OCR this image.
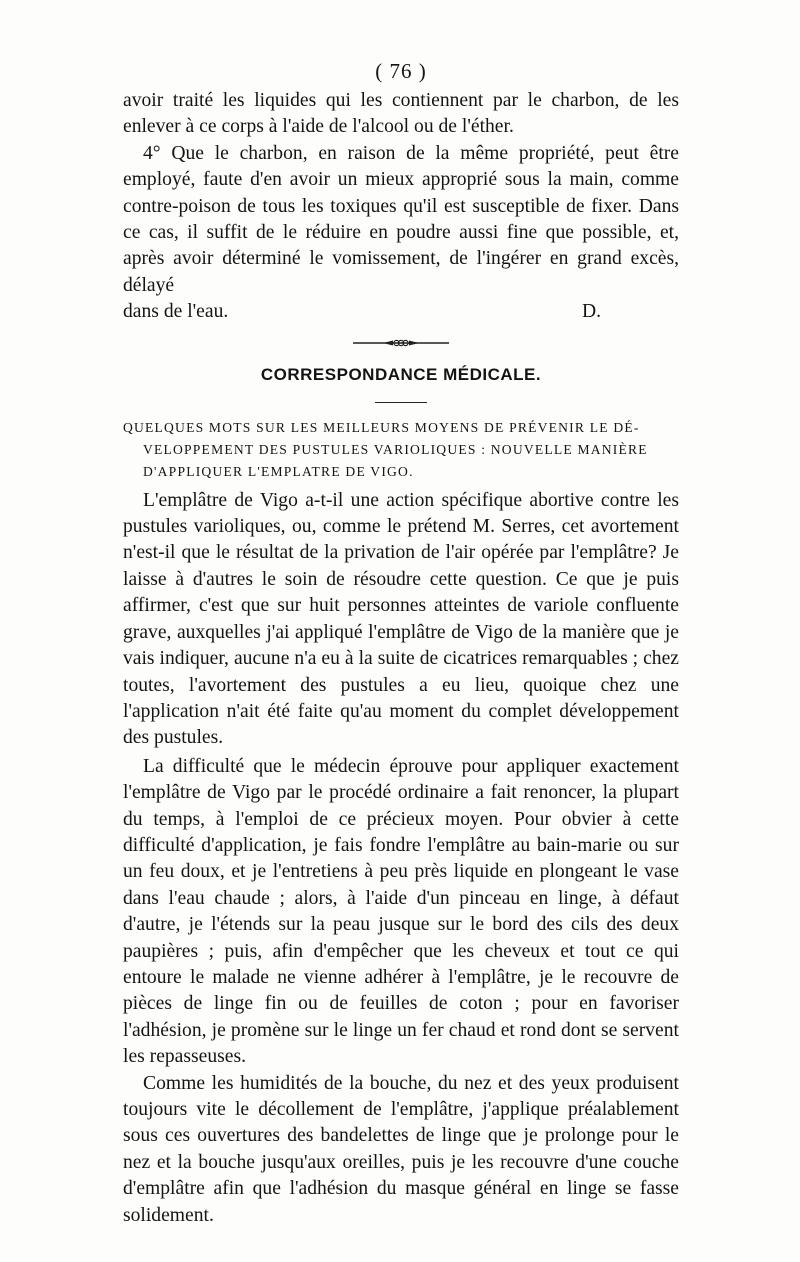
( 76 )

avoir traité les liquides qui les contiennent par le charbon, de les enlever à ce corps à l'aide de l'alcool ou de l'éther.

4° Que le charbon, en raison de la même propriété, peut être employé, faute d'en avoir un mieux approprié sous la main, comme contre-poison de tous les toxiques qu'il est susceptible de fixer. Dans ce cas, il suffit de le réduire en poudre aussi fine que possible, et, après avoir déterminé le vomissement, de l'ingérer en grand excès, délayé

dans de l'eau.	D.
CORRESPONDANCE MÉDICALE.

QUELQUES MOTS SUR LES MEILLEURS MOYENS DE PRÉVENIR LE DÉ-
VELOPPEMENT DES PUSTULES VARIOLIQUES : NOUVELLE MANIÈRE
D'APPLIQUER L'EMPLATRE DE VIGO.

L'emplâtre de Vigo a-t-il une action spécifique abortive contre les pustules varioliques, ou, comme le prétend M. Serres, cet avortement n'est-il que le résultat de la privation de l'air opérée par l'emplâtre? Je laisse à d'autres le soin de résoudre cette question. Ce que je puis affirmer, c'est que sur huit personnes atteintes de variole confluente grave, auxquelles j'ai appliqué l'emplâtre de Vigo de la manière que je vais indiquer, aucune n'a eu à la suite de cicatrices remarquables ; chez toutes, l'avortement des pustules a eu lieu, quoique chez une l'application n'ait été faite qu'au moment du complet développement des pustules.

La difficulté que le médecin éprouve pour appliquer exactement l'emplâtre de Vigo par le procédé ordinaire a fait renoncer, la plupart du temps, à l'emploi de ce précieux moyen. Pour obvier à cette difficulté d'application, je fais fondre l'emplâtre au bain-marie ou sur un feu doux, et je l'entretiens à peu près liquide en plongeant le vase dans l'eau chaude ; alors, à l'aide d'un pinceau en linge, à défaut d'autre, je l'étends sur la peau jusque sur le bord des cils des deux paupières ; puis, afin d'empêcher que les cheveux et tout ce qui entoure le malade ne vienne adhérer à l'emplâtre, je le recouvre de pièces de linge fin ou de feuilles de coton ; pour en favoriser l'adhésion, je promène sur le linge un fer chaud et rond dont se servent les repasseuses.

Comme les humidités de la bouche, du nez et des yeux produisent toujours vite le décollement de l'emplâtre, j'applique préalablement sous ces ouvertures des bandelettes de linge que je prolonge pour le nez et la bouche jusqu'aux oreilles, puis je les recouvre d'une couche d'emplâtre afin que l'adhésion du masque général en linge se fasse solidement.
